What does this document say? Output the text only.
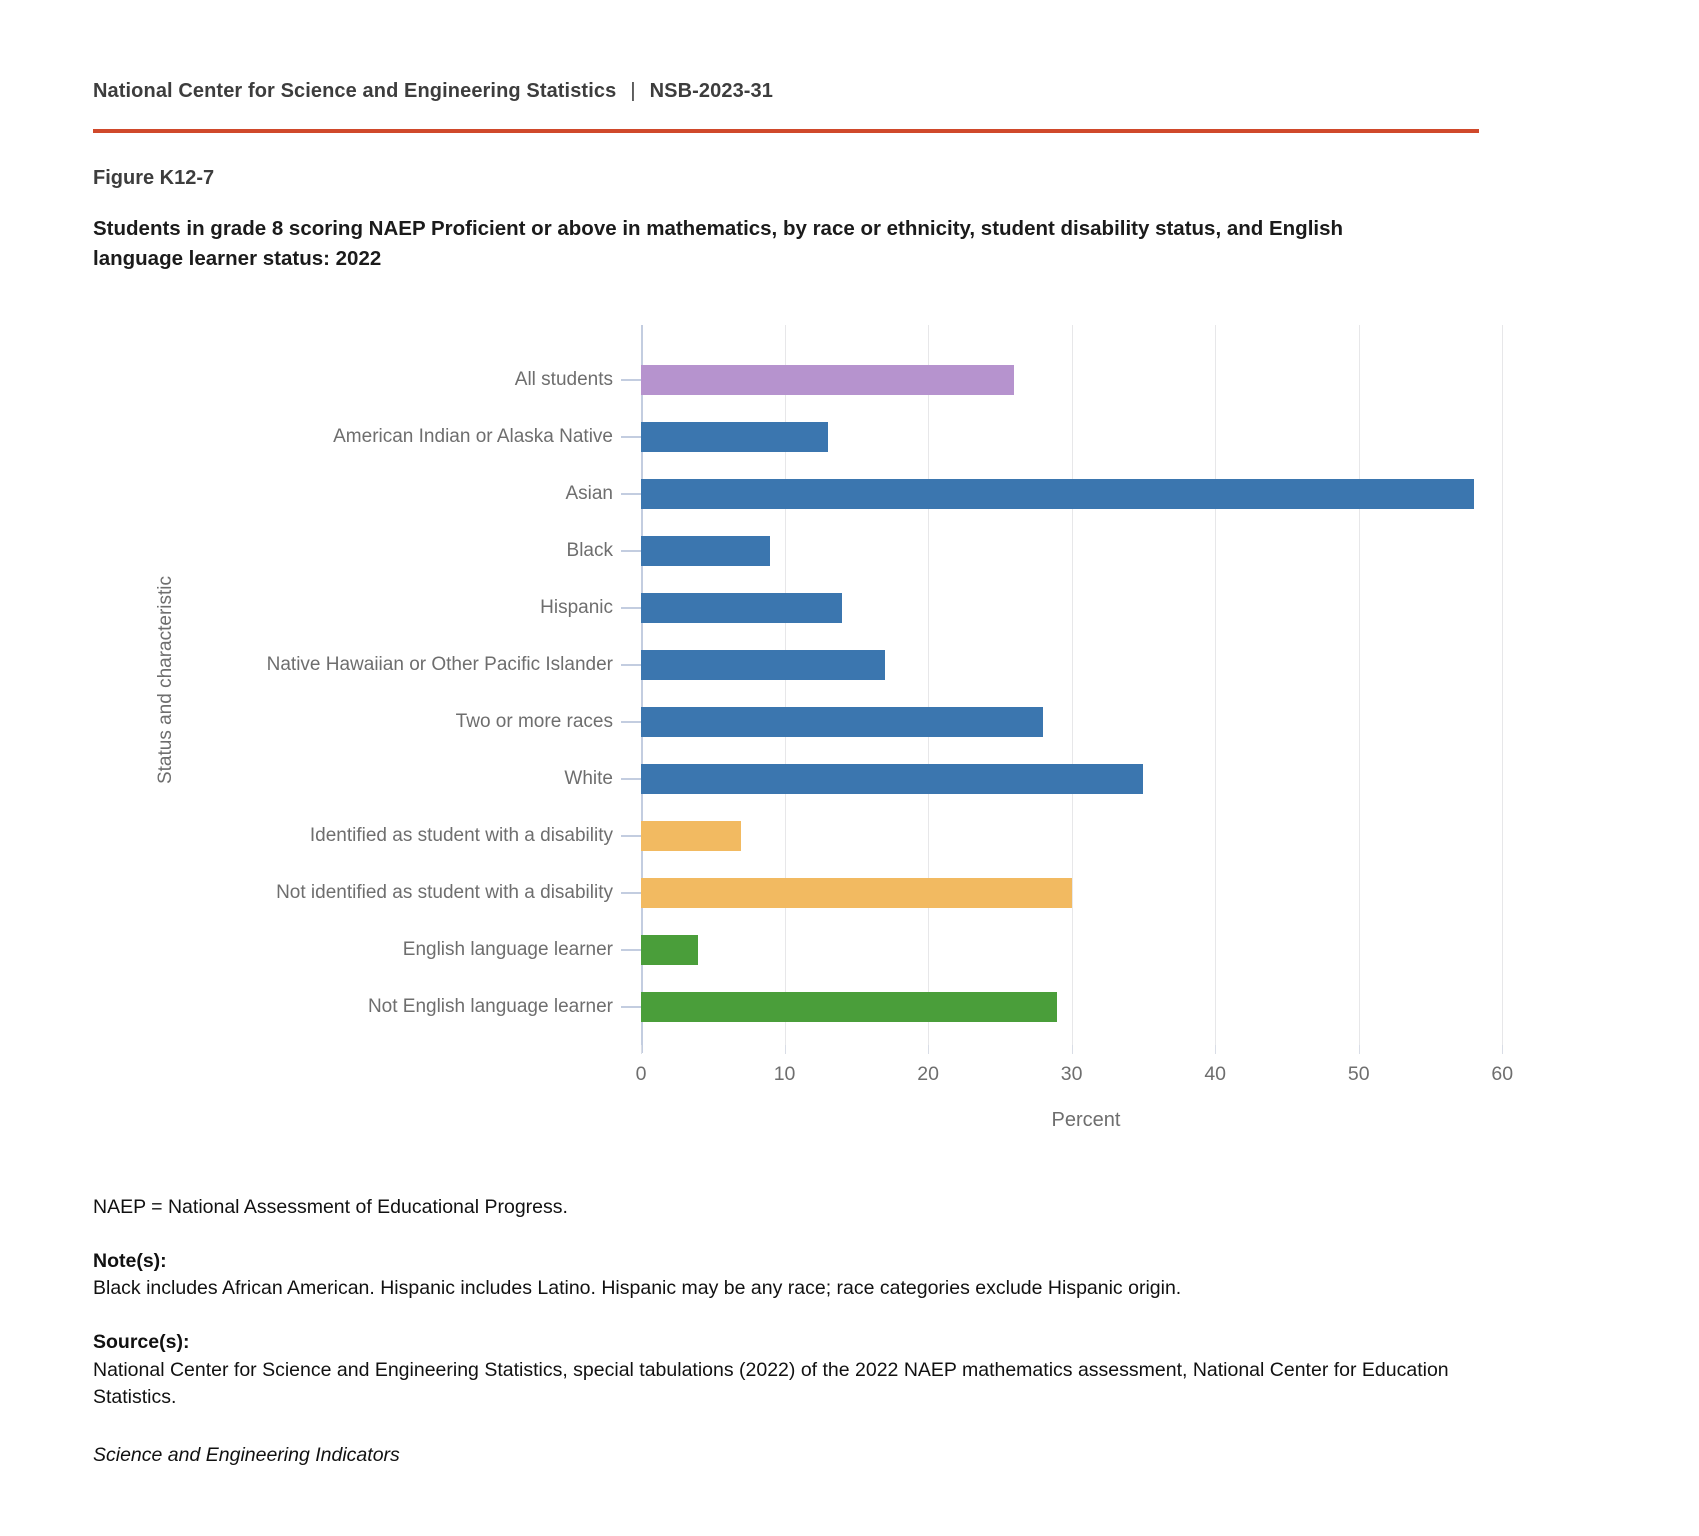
National Center for Science and Engineering Statistics | NSB-2023-31
Figure K12-7
Students in grade 8 scoring NAEP Proficient or above in mathematics, by race or ethnicity, student disability status, and English language learner status: 2022
Status and characteristic
All students
American Indian or Alaska Native
Asian
Black
Hispanic
Native Hawaiian or Other Pacific Islander
Two or more races
White
Identified as student with a disability
Not identified as student with a disability
English language learner
Not English language learner
0	10	20	30	40	50	60
Percent

NAEP = National Assessment of Educational Progress.

Note(s):

Black includes African American. Hispanic includes Latino. Hispanic may be any race; race categories exclude Hispanic origin.

Source(s):

National Center for Science and Engineering Statistics, special tabulations (2022) of the 2022 NAEP mathematics assessment, National Center for Education Statistics.

Science and Engineering Indicators
